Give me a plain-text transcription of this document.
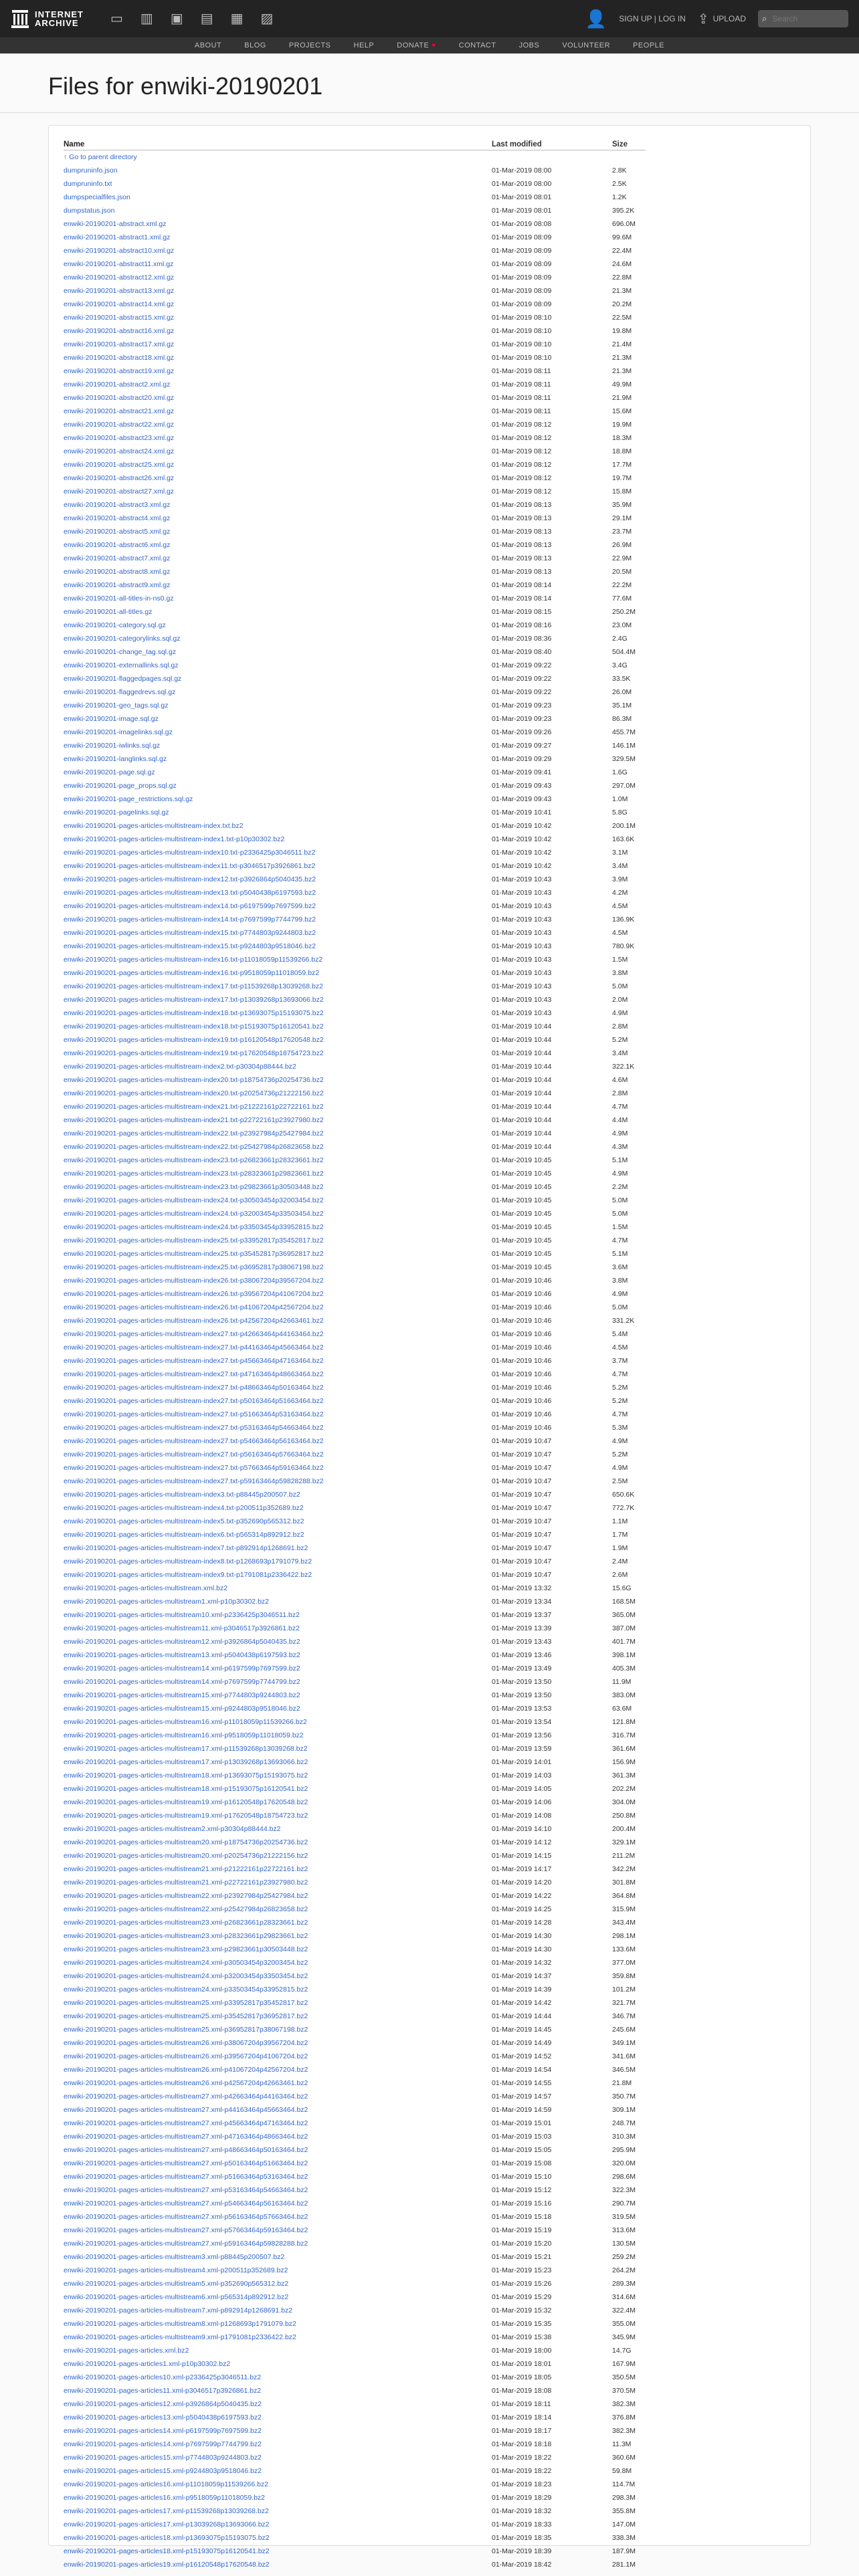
INTERNET
ARCHIVE	▭ ▥ ▣ ▤ ▦ ▨	👤 SIGN UP | LOG IN ⇪ UPLOAD ⌕
Search
ABOUT	BLOG	PROJECTS	HELP	DONATE ♥	CONTACT	JOBS	VOLUNTEER	PEOPLE
Files for enwiki-20190201
Name	Last modified	Size
↑ Go to parent directory		
dumpruninfo.json	01-Mar-2019 08:00	2.8K
dumpruninfo.txt	01-Mar-2019 08:00	2.5K
dumpspecialfiles.json	01-Mar-2019 08:01	1.2K
dumpstatus.json	01-Mar-2019 08:01	395.2K
enwiki-20190201-abstract.xml.gz	01-Mar-2019 08:08	696.0M
enwiki-20190201-abstract1.xml.gz	01-Mar-2019 08:09	99.6M
enwiki-20190201-abstract10.xml.gz	01-Mar-2019 08:09	22.4M
enwiki-20190201-abstract11.xml.gz	01-Mar-2019 08:09	24.6M
enwiki-20190201-abstract12.xml.gz	01-Mar-2019 08:09	22.8M
enwiki-20190201-abstract13.xml.gz	01-Mar-2019 08:09	21.3M
enwiki-20190201-abstract14.xml.gz	01-Mar-2019 08:09	20.2M
enwiki-20190201-abstract15.xml.gz	01-Mar-2019 08:10	22.5M
enwiki-20190201-abstract16.xml.gz	01-Mar-2019 08:10	19.8M
enwiki-20190201-abstract17.xml.gz	01-Mar-2019 08:10	21.4M
enwiki-20190201-abstract18.xml.gz	01-Mar-2019 08:10	21.3M
enwiki-20190201-abstract19.xml.gz	01-Mar-2019 08:11	21.3M
enwiki-20190201-abstract2.xml.gz	01-Mar-2019 08:11	49.9M
enwiki-20190201-abstract20.xml.gz	01-Mar-2019 08:11	21.9M
enwiki-20190201-abstract21.xml.gz	01-Mar-2019 08:11	15.6M
enwiki-20190201-abstract22.xml.gz	01-Mar-2019 08:12	19.9M
enwiki-20190201-abstract23.xml.gz	01-Mar-2019 08:12	18.3M
enwiki-20190201-abstract24.xml.gz	01-Mar-2019 08:12	18.8M
enwiki-20190201-abstract25.xml.gz	01-Mar-2019 08:12	17.7M
enwiki-20190201-abstract26.xml.gz	01-Mar-2019 08:12	19.7M
enwiki-20190201-abstract27.xml.gz	01-Mar-2019 08:12	15.8M
enwiki-20190201-abstract3.xml.gz	01-Mar-2019 08:13	35.9M
enwiki-20190201-abstract4.xml.gz	01-Mar-2019 08:13	29.1M
enwiki-20190201-abstract5.xml.gz	01-Mar-2019 08:13	23.7M
enwiki-20190201-abstract6.xml.gz	01-Mar-2019 08:13	26.9M
enwiki-20190201-abstract7.xml.gz	01-Mar-2019 08:13	22.9M
enwiki-20190201-abstract8.xml.gz	01-Mar-2019 08:13	20.5M
enwiki-20190201-abstract9.xml.gz	01-Mar-2019 08:14	22.2M
enwiki-20190201-all-titles-in-ns0.gz	01-Mar-2019 08:14	77.6M
enwiki-20190201-all-titles.gz	01-Mar-2019 08:15	250.2M
enwiki-20190201-category.sql.gz	01-Mar-2019 08:16	23.0M
enwiki-20190201-categorylinks.sql.gz	01-Mar-2019 08:36	2.4G
enwiki-20190201-change_tag.sql.gz	01-Mar-2019 08:40	504.4M
enwiki-20190201-externallinks.sql.gz	01-Mar-2019 09:22	3.4G
enwiki-20190201-flaggedpages.sql.gz	01-Mar-2019 09:22	33.5K
enwiki-20190201-flaggedrevs.sql.gz	01-Mar-2019 09:22	26.0M
enwiki-20190201-geo_tags.sql.gz	01-Mar-2019 09:23	35.1M
enwiki-20190201-image.sql.gz	01-Mar-2019 09:23	86.3M
enwiki-20190201-imagelinks.sql.gz	01-Mar-2019 09:26	455.7M
enwiki-20190201-iwlinks.sql.gz	01-Mar-2019 09:27	146.1M
enwiki-20190201-langlinks.sql.gz	01-Mar-2019 09:29	329.5M
enwiki-20190201-page.sql.gz	01-Mar-2019 09:41	1.6G
enwiki-20190201-page_props.sql.gz	01-Mar-2019 09:43	297.0M
enwiki-20190201-page_restrictions.sql.gz	01-Mar-2019 09:43	1.0M
enwiki-20190201-pagelinks.sql.gz	01-Mar-2019 10:41	5.8G
enwiki-20190201-pages-articles-multistream-index.txt.bz2	01-Mar-2019 10:42	200.1M
enwiki-20190201-pages-articles-multistream-index1.txt-p10p30302.bz2	01-Mar-2019 10:42	163.6K
enwiki-20190201-pages-articles-multistream-index10.txt-p2336425p3046511.bz2	01-Mar-2019 10:42	3.1M
enwiki-20190201-pages-articles-multistream-index11.txt-p3046517p3926861.bz2	01-Mar-2019 10:42	3.4M
enwiki-20190201-pages-articles-multistream-index12.txt-p3926864p5040435.bz2	01-Mar-2019 10:43	3.9M
enwiki-20190201-pages-articles-multistream-index13.txt-p5040438p6197593.bz2	01-Mar-2019 10:43	4.2M
enwiki-20190201-pages-articles-multistream-index14.txt-p6197599p7697599.bz2	01-Mar-2019 10:43	4.5M
enwiki-20190201-pages-articles-multistream-index14.txt-p7697599p7744799.bz2	01-Mar-2019 10:43	136.9K
enwiki-20190201-pages-articles-multistream-index15.txt-p7744803p9244803.bz2	01-Mar-2019 10:43	4.5M
enwiki-20190201-pages-articles-multistream-index15.txt-p9244803p9518046.bz2	01-Mar-2019 10:43	780.9K
enwiki-20190201-pages-articles-multistream-index16.txt-p11018059p11539266.bz2	01-Mar-2019 10:43	1.5M
enwiki-20190201-pages-articles-multistream-index16.txt-p9518059p11018059.bz2	01-Mar-2019 10:43	3.8M
enwiki-20190201-pages-articles-multistream-index17.txt-p11539268p13039268.bz2	01-Mar-2019 10:43	5.0M
enwiki-20190201-pages-articles-multistream-index17.txt-p13039268p13693066.bz2	01-Mar-2019 10:43	2.0M
enwiki-20190201-pages-articles-multistream-index18.txt-p13693075p15193075.bz2	01-Mar-2019 10:43	4.9M
enwiki-20190201-pages-articles-multistream-index18.txt-p15193075p16120541.bz2	01-Mar-2019 10:44	2.8M
enwiki-20190201-pages-articles-multistream-index19.txt-p16120548p17620548.bz2	01-Mar-2019 10:44	5.2M
enwiki-20190201-pages-articles-multistream-index19.txt-p17620548p18754723.bz2	01-Mar-2019 10:44	3.4M
enwiki-20190201-pages-articles-multistream-index2.txt-p30304p88444.bz2	01-Mar-2019 10:44	322.1K
enwiki-20190201-pages-articles-multistream-index20.txt-p18754736p20254736.bz2	01-Mar-2019 10:44	4.6M
enwiki-20190201-pages-articles-multistream-index20.txt-p20254736p21222156.bz2	01-Mar-2019 10:44	2.8M
enwiki-20190201-pages-articles-multistream-index21.txt-p21222161p22722161.bz2	01-Mar-2019 10:44	4.7M
enwiki-20190201-pages-articles-multistream-index21.txt-p22722161p23927980.bz2	01-Mar-2019 10:44	4.4M
enwiki-20190201-pages-articles-multistream-index22.txt-p23927984p25427984.bz2	01-Mar-2019 10:44	4.9M
enwiki-20190201-pages-articles-multistream-index22.txt-p25427984p26823658.bz2	01-Mar-2019 10:44	4.3M
enwiki-20190201-pages-articles-multistream-index23.txt-p26823661p28323661.bz2	01-Mar-2019 10:45	5.1M
enwiki-20190201-pages-articles-multistream-index23.txt-p28323661p29823661.bz2	01-Mar-2019 10:45	4.9M
enwiki-20190201-pages-articles-multistream-index23.txt-p29823661p30503448.bz2	01-Mar-2019 10:45	2.2M
enwiki-20190201-pages-articles-multistream-index24.txt-p30503454p32003454.bz2	01-Mar-2019 10:45	5.0M
enwiki-20190201-pages-articles-multistream-index24.txt-p32003454p33503454.bz2	01-Mar-2019 10:45	5.0M
enwiki-20190201-pages-articles-multistream-index24.txt-p33503454p33952815.bz2	01-Mar-2019 10:45	1.5M
enwiki-20190201-pages-articles-multistream-index25.txt-p33952817p35452817.bz2	01-Mar-2019 10:45	4.7M
enwiki-20190201-pages-articles-multistream-index25.txt-p35452817p36952817.bz2	01-Mar-2019 10:45	5.1M
enwiki-20190201-pages-articles-multistream-index25.txt-p36952817p38067198.bz2	01-Mar-2019 10:45	3.6M
enwiki-20190201-pages-articles-multistream-index26.txt-p38067204p39567204.bz2	01-Mar-2019 10:46	3.8M
enwiki-20190201-pages-articles-multistream-index26.txt-p39567204p41067204.bz2	01-Mar-2019 10:46	4.9M
enwiki-20190201-pages-articles-multistream-index26.txt-p41067204p42567204.bz2	01-Mar-2019 10:46	5.0M
enwiki-20190201-pages-articles-multistream-index26.txt-p42567204p42663461.bz2	01-Mar-2019 10:46	331.2K
enwiki-20190201-pages-articles-multistream-index27.txt-p42663464p44163464.bz2	01-Mar-2019 10:46	5.4M
enwiki-20190201-pages-articles-multistream-index27.txt-p44163464p45663464.bz2	01-Mar-2019 10:46	4.5M
enwiki-20190201-pages-articles-multistream-index27.txt-p45663464p47163464.bz2	01-Mar-2019 10:46	3.7M
enwiki-20190201-pages-articles-multistream-index27.txt-p47163464p48663464.bz2	01-Mar-2019 10:46	4.7M
enwiki-20190201-pages-articles-multistream-index27.txt-p48663464p50163464.bz2	01-Mar-2019 10:46	5.2M
enwiki-20190201-pages-articles-multistream-index27.txt-p50163464p51663464.bz2	01-Mar-2019 10:46	5.2M
enwiki-20190201-pages-articles-multistream-index27.txt-p51663464p53163464.bz2	01-Mar-2019 10:46	4.7M
enwiki-20190201-pages-articles-multistream-index27.txt-p53163464p54663464.bz2	01-Mar-2019 10:46	5.3M
enwiki-20190201-pages-articles-multistream-index27.txt-p54663464p56163464.bz2	01-Mar-2019 10:47	4.9M
enwiki-20190201-pages-articles-multistream-index27.txt-p56163464p57663464.bz2	01-Mar-2019 10:47	5.2M
enwiki-20190201-pages-articles-multistream-index27.txt-p57663464p59163464.bz2	01-Mar-2019 10:47	4.9M
enwiki-20190201-pages-articles-multistream-index27.txt-p59163464p59828288.bz2	01-Mar-2019 10:47	2.5M
enwiki-20190201-pages-articles-multistream-index3.txt-p88445p200507.bz2	01-Mar-2019 10:47	650.6K
enwiki-20190201-pages-articles-multistream-index4.txt-p200511p352689.bz2	01-Mar-2019 10:47	772.7K
enwiki-20190201-pages-articles-multistream-index5.txt-p352690p565312.bz2	01-Mar-2019 10:47	1.1M
enwiki-20190201-pages-articles-multistream-index6.txt-p565314p892912.bz2	01-Mar-2019 10:47	1.7M
enwiki-20190201-pages-articles-multistream-index7.txt-p892914p1268691.bz2	01-Mar-2019 10:47	1.9M
enwiki-20190201-pages-articles-multistream-index8.txt-p1268693p1791079.bz2	01-Mar-2019 10:47	2.4M
enwiki-20190201-pages-articles-multistream-index9.txt-p1791081p2336422.bz2	01-Mar-2019 10:47	2.6M
enwiki-20190201-pages-articles-multistream.xml.bz2	01-Mar-2019 13:32	15.6G
enwiki-20190201-pages-articles-multistream1.xml-p10p30302.bz2	01-Mar-2019 13:34	168.5M
enwiki-20190201-pages-articles-multistream10.xml-p2336425p3046511.bz2	01-Mar-2019 13:37	365.0M
enwiki-20190201-pages-articles-multistream11.xml-p3046517p3926861.bz2	01-Mar-2019 13:39	387.0M
enwiki-20190201-pages-articles-multistream12.xml-p3926864p5040435.bz2	01-Mar-2019 13:43	401.7M
enwiki-20190201-pages-articles-multistream13.xml-p5040438p6197593.bz2	01-Mar-2019 13:46	398.1M
enwiki-20190201-pages-articles-multistream14.xml-p6197599p7697599.bz2	01-Mar-2019 13:49	405.3M
enwiki-20190201-pages-articles-multistream14.xml-p7697599p7744799.bz2	01-Mar-2019 13:50	11.9M
enwiki-20190201-pages-articles-multistream15.xml-p7744803p9244803.bz2	01-Mar-2019 13:50	383.0M
enwiki-20190201-pages-articles-multistream15.xml-p9244803p9518046.bz2	01-Mar-2019 13:53	63.6M
enwiki-20190201-pages-articles-multistream16.xml-p11018059p11539266.bz2	01-Mar-2019 13:54	121.8M
enwiki-20190201-pages-articles-multistream16.xml-p9518059p11018059.bz2	01-Mar-2019 13:56	316.7M
enwiki-20190201-pages-articles-multistream17.xml-p11539268p13039268.bz2	01-Mar-2019 13:59	361.6M
enwiki-20190201-pages-articles-multistream17.xml-p13039268p13693066.bz2	01-Mar-2019 14:01	156.9M
enwiki-20190201-pages-articles-multistream18.xml-p13693075p15193075.bz2	01-Mar-2019 14:03	361.3M
enwiki-20190201-pages-articles-multistream18.xml-p15193075p16120541.bz2	01-Mar-2019 14:05	202.2M
enwiki-20190201-pages-articles-multistream19.xml-p16120548p17620548.bz2	01-Mar-2019 14:06	304.0M
enwiki-20190201-pages-articles-multistream19.xml-p17620548p18754723.bz2	01-Mar-2019 14:08	250.8M
enwiki-20190201-pages-articles-multistream2.xml-p30304p88444.bz2	01-Mar-2019 14:10	200.4M
enwiki-20190201-pages-articles-multistream20.xml-p18754736p20254736.bz2	01-Mar-2019 14:12	329.1M
enwiki-20190201-pages-articles-multistream20.xml-p20254736p21222156.bz2	01-Mar-2019 14:15	211.2M
enwiki-20190201-pages-articles-multistream21.xml-p21222161p22722161.bz2	01-Mar-2019 14:17	342.2M
enwiki-20190201-pages-articles-multistream21.xml-p22722161p23927980.bz2	01-Mar-2019 14:20	301.8M
enwiki-20190201-pages-articles-multistream22.xml-p23927984p25427984.bz2	01-Mar-2019 14:22	364.8M
enwiki-20190201-pages-articles-multistream22.xml-p25427984p26823658.bz2	01-Mar-2019 14:25	315.9M
enwiki-20190201-pages-articles-multistream23.xml-p26823661p28323661.bz2	01-Mar-2019 14:28	343.4M
enwiki-20190201-pages-articles-multistream23.xml-p28323661p29823661.bz2	01-Mar-2019 14:30	298.1M
enwiki-20190201-pages-articles-multistream23.xml-p29823661p30503448.bz2	01-Mar-2019 14:30	133.6M
enwiki-20190201-pages-articles-multistream24.xml-p30503454p32003454.bz2	01-Mar-2019 14:32	377.0M
enwiki-20190201-pages-articles-multistream24.xml-p32003454p33503454.bz2	01-Mar-2019 14:37	359.8M
enwiki-20190201-pages-articles-multistream24.xml-p33503454p33952815.bz2	01-Mar-2019 14:39	101.2M
enwiki-20190201-pages-articles-multistream25.xml-p33952817p35452817.bz2	01-Mar-2019 14:42	321.7M
enwiki-20190201-pages-articles-multistream25.xml-p35452817p36952817.bz2	01-Mar-2019 14:44	346.7M
enwiki-20190201-pages-articles-multistream25.xml-p36952817p38067198.bz2	01-Mar-2019 14:45	245.6M
enwiki-20190201-pages-articles-multistream26.xml-p38067204p39567204.bz2	01-Mar-2019 14:49	349.1M
enwiki-20190201-pages-articles-multistream26.xml-p39567204p41067204.bz2	01-Mar-2019 14:52	341.6M
enwiki-20190201-pages-articles-multistream26.xml-p41067204p42567204.bz2	01-Mar-2019 14:54	346.5M
enwiki-20190201-pages-articles-multistream26.xml-p42567204p42663461.bz2	01-Mar-2019 14:55	21.8M
enwiki-20190201-pages-articles-multistream27.xml-p42663464p44163464.bz2	01-Mar-2019 14:57	350.7M
enwiki-20190201-pages-articles-multistream27.xml-p44163464p45663464.bz2	01-Mar-2019 14:59	309.1M
enwiki-20190201-pages-articles-multistream27.xml-p45663464p47163464.bz2	01-Mar-2019 15:01	248.7M
enwiki-20190201-pages-articles-multistream27.xml-p47163464p48663464.bz2	01-Mar-2019 15:03	310.3M
enwiki-20190201-pages-articles-multistream27.xml-p48663464p50163464.bz2	01-Mar-2019 15:05	295.9M
enwiki-20190201-pages-articles-multistream27.xml-p50163464p51663464.bz2	01-Mar-2019 15:08	320.0M
enwiki-20190201-pages-articles-multistream27.xml-p51663464p53163464.bz2	01-Mar-2019 15:10	298.6M
enwiki-20190201-pages-articles-multistream27.xml-p53163464p54663464.bz2	01-Mar-2019 15:12	322.3M
enwiki-20190201-pages-articles-multistream27.xml-p54663464p56163464.bz2	01-Mar-2019 15:16	290.7M
enwiki-20190201-pages-articles-multistream27.xml-p56163464p57663464.bz2	01-Mar-2019 15:18	319.5M
enwiki-20190201-pages-articles-multistream27.xml-p57663464p59163464.bz2	01-Mar-2019 15:19	313.6M
enwiki-20190201-pages-articles-multistream27.xml-p59163464p59828288.bz2	01-Mar-2019 15:20	130.5M
enwiki-20190201-pages-articles-multistream3.xml-p88445p200507.bz2	01-Mar-2019 15:21	259.2M
enwiki-20190201-pages-articles-multistream4.xml-p200511p352689.bz2	01-Mar-2019 15:23	264.2M
enwiki-20190201-pages-articles-multistream5.xml-p352690p565312.bz2	01-Mar-2019 15:26	289.3M
enwiki-20190201-pages-articles-multistream6.xml-p565314p892912.bz2	01-Mar-2019 15:29	314.6M
enwiki-20190201-pages-articles-multistream7.xml-p892914p1268691.bz2	01-Mar-2019 15:32	322.4M
enwiki-20190201-pages-articles-multistream8.xml-p1268693p1791079.bz2	01-Mar-2019 15:35	355.0M
enwiki-20190201-pages-articles-multistream9.xml-p1791081p2336422.bz2	01-Mar-2019 15:38	345.9M
enwiki-20190201-pages-articles.xml.bz2	01-Mar-2019 18:00	14.7G
enwiki-20190201-pages-articles1.xml-p10p30302.bz2	01-Mar-2019 18:01	167.9M
enwiki-20190201-pages-articles10.xml-p2336425p3046511.bz2	01-Mar-2019 18:05	350.5M
enwiki-20190201-pages-articles11.xml-p3046517p3926861.bz2	01-Mar-2019 18:08	370.5M
enwiki-20190201-pages-articles12.xml-p3926864p5040435.bz2	01-Mar-2019 18:11	382.3M
enwiki-20190201-pages-articles13.xml-p5040438p6197593.bz2	01-Mar-2019 18:14	376.8M
enwiki-20190201-pages-articles14.xml-p6197599p7697599.bz2	01-Mar-2019 18:17	382.3M
enwiki-20190201-pages-articles14.xml-p7697599p7744799.bz2	01-Mar-2019 18:18	11.3M
enwiki-20190201-pages-articles15.xml-p7744803p9244803.bz2	01-Mar-2019 18:22	360.6M
enwiki-20190201-pages-articles15.xml-p9244803p9518046.bz2	01-Mar-2019 18:22	59.8M
enwiki-20190201-pages-articles16.xml-p11018059p11539266.bz2	01-Mar-2019 18:23	114.7M
enwiki-20190201-pages-articles16.xml-p9518059p11018059.bz2	01-Mar-2019 18:29	298.3M
enwiki-20190201-pages-articles17.xml-p11539268p13039268.bz2	01-Mar-2019 18:32	355.8M
enwiki-20190201-pages-articles17.xml-p13039268p13693066.bz2	01-Mar-2019 18:33	147.0M
enwiki-20190201-pages-articles18.xml-p13693075p15193075.bz2	01-Mar-2019 18:35	338.3M
enwiki-20190201-pages-articles18.xml-p15193075p16120541.bz2	01-Mar-2019 18:39	187.9M
enwiki-20190201-pages-articles19.xml-p16120548p17620548.bz2	01-Mar-2019 18:42	281.1M
